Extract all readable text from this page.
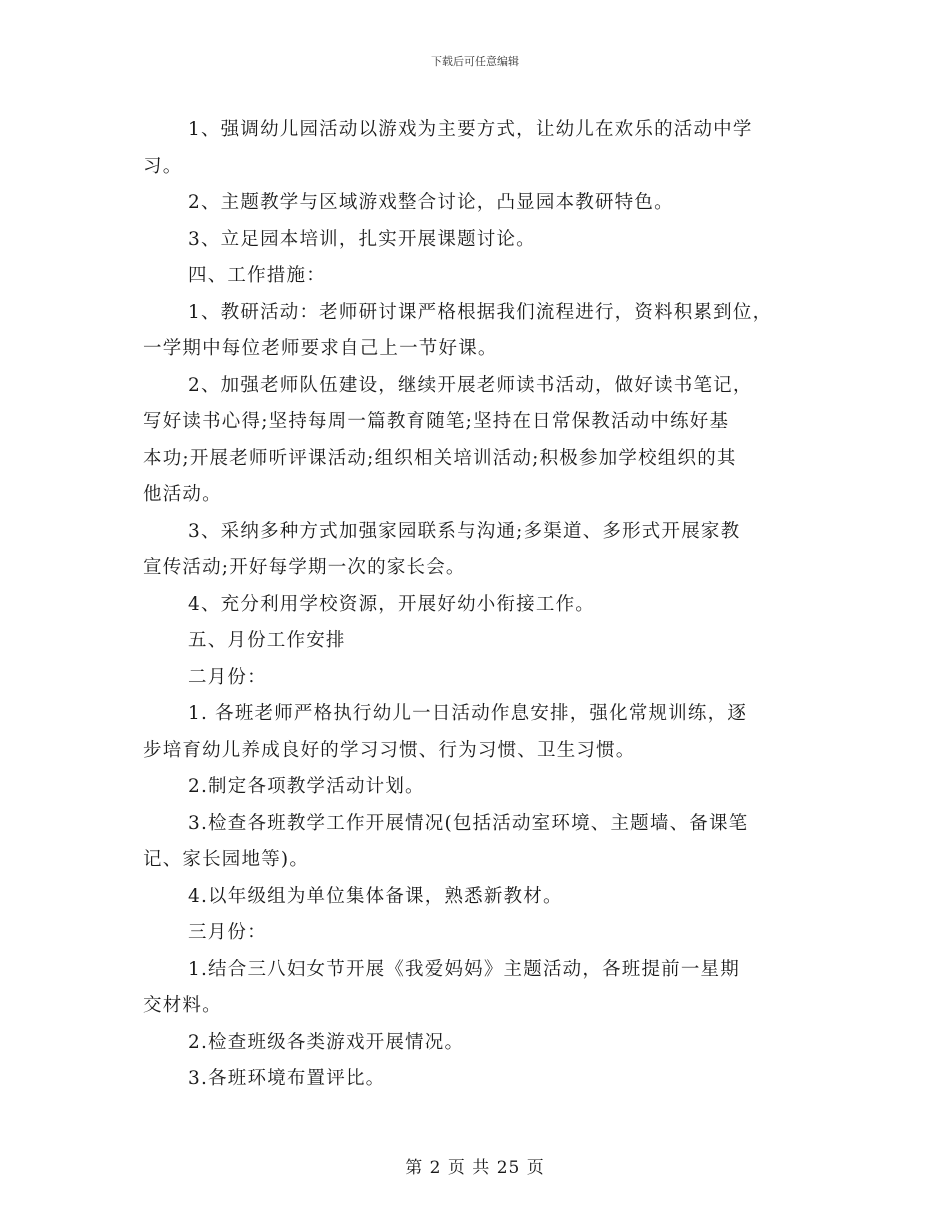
下载后可任意编辑

1、强调幼儿园活动以游戏为主要方式，让幼儿在欢乐的活动中学

习。

2、主题教学与区域游戏整合讨论，凸显园本教研特色。

3、立足园本培训，扎实开展课题讨论。

四、工作措施：

1、教研活动：老师研讨课严格根据我们流程进行，资料积累到位，

一学期中每位老师要求自己上一节好课。

2、加强老师队伍建设，继续开展老师读书活动，做好读书笔记，

写好读书心得;坚持每周一篇教育随笔;坚持在日常保教活动中练好基

本功;开展老师听评课活动;组织相关培训活动;积极参加学校组织的其

他活动。

3、采纳多种方式加强家园联系与沟通;多渠道、多形式开展家教

宣传活动;开好每学期一次的家长会。

4、充分利用学校资源，开展好幼小衔接工作。

五、月份工作安排

二月份：

1. 各班老师严格执行幼儿一日活动作息安排，强化常规训练，逐

步培育幼儿养成良好的学习习惯、行为习惯、卫生习惯。

2.制定各项教学活动计划。

3.检查各班教学工作开展情况(包括活动室环境、主题墙、备课笔

记、家长园地等)。

4.以年级组为单位集体备课，熟悉新教材。

三月份：

1.结合三八妇女节开展《我爱妈妈》主题活动，各班提前一星期

交材料。

2.检查班级各类游戏开展情况。

3.各班环境布置评比。

第 2 页 共 25 页
